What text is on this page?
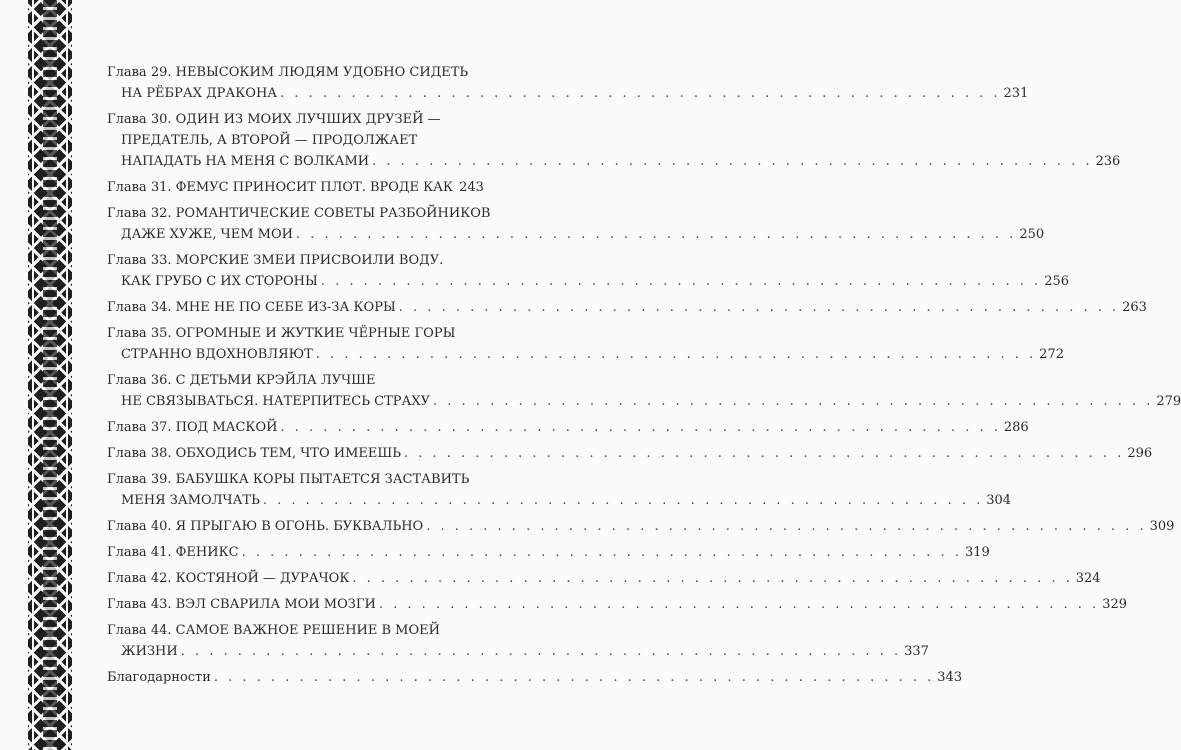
Глава 29. НЕВЫСОКИМ ЛЮДЯМ УДОБНО СИДЕТЬ
НА РЁБРАХ ДРАКОНА . . . . . . . . . . . . . . . . . . . . . . . . . . . . . . . . . . . . . . . . . . . . . . . . . . . 231
Глава 30. ОДИН ИЗ МОИХ ЛУЧШИХ ДРУЗЕЙ —
ПРЕДАТЕЛЬ, А ВТОРОЙ — ПРОДОЛЖАЕТ
НАПАДАТЬ НА МЕНЯ С ВОЛКАМИ . . . . . . . . . . . . . . . . . . . . . . . . . . . . . . . . . . . . . . . . . . . . . . . . . . . 236
Глава 31. ФЕМУС ПРИНОСИТ ПЛОТ. ВРОДЕ КАК 243
Глава 32. РОМАНТИЧЕСКИЕ СОВЕТЫ РАЗБОЙНИКОВ
ДАЖЕ ХУЖЕ, ЧЕМ МОИ . . . . . . . . . . . . . . . . . . . . . . . . . . . . . . . . . . . . . . . . . . . . . . . . . . . 250
Глава 33. МОРСКИЕ ЗМЕИ ПРИСВОИЛИ ВОДУ.
КАК ГРУБО С ИХ СТОРОНЫ . . . . . . . . . . . . . . . . . . . . . . . . . . . . . . . . . . . . . . . . . . . . . . . . . . . 256
Глава 34. МНЕ НЕ ПО СЕБЕ ИЗ-ЗА КОРЫ . . . . . . . . . . . . . . . . . . . . . . . . . . . . . . . . . . . . . . . . . . . . . . . . . . . 263
Глава 35. ОГРОМНЫЕ И ЖУТКИЕ ЧЁРНЫЕ ГОРЫ
СТРАННО ВДОХНОВЛЯЮТ . . . . . . . . . . . . . . . . . . . . . . . . . . . . . . . . . . . . . . . . . . . . . . . . . . . 272
Глава 36. С ДЕТЬМИ КРЭЙЛА ЛУЧШЕ
НЕ СВЯЗЫВАТЬСЯ. НАТЕРПИТЕСЬ СТРАХУ . . . . . . . . . . . . . . . . . . . . . . . . . . . . . . . . . . . . . . . . . . . . . . . . . . . 279
Глава 37. ПОД МАСКОЙ . . . . . . . . . . . . . . . . . . . . . . . . . . . . . . . . . . . . . . . . . . . . . . . . . . . 286
Глава 38. ОБХОДИСЬ ТЕМ, ЧТО ИМЕЕШЬ . . . . . . . . . . . . . . . . . . . . . . . . . . . . . . . . . . . . . . . . . . . . . . . . . . . 296
Глава 39. БАБУШКА КОРЫ ПЫТАЕТСЯ ЗАСТАВИТЬ
МЕНЯ ЗАМОЛЧАТЬ . . . . . . . . . . . . . . . . . . . . . . . . . . . . . . . . . . . . . . . . . . . . . . . . . . . 304
Глава 40. Я ПРЫГАЮ В ОГОНЬ. БУКВАЛЬНО . . . . . . . . . . . . . . . . . . . . . . . . . . . . . . . . . . . . . . . . . . . . . . . . . . . 309
Глава 41. ФЕНИКС . . . . . . . . . . . . . . . . . . . . . . . . . . . . . . . . . . . . . . . . . . . . . . . . . . . 319
Глава 42. КОСТЯНОЙ — ДУРАЧОК . . . . . . . . . . . . . . . . . . . . . . . . . . . . . . . . . . . . . . . . . . . . . . . . . . . 324
Глава 43. ВЭЛ СВАРИЛА МОИ МОЗГИ . . . . . . . . . . . . . . . . . . . . . . . . . . . . . . . . . . . . . . . . . . . . . . . . . . . 329
Глава 44. САМОЕ ВАЖНОЕ РЕШЕНИЕ В МОЕЙ
ЖИЗНИ . . . . . . . . . . . . . . . . . . . . . . . . . . . . . . . . . . . . . . . . . . . . . . . . . . . 337
Благодарности . . . . . . . . . . . . . . . . . . . . . . . . . . . . . . . . . . . . . . . . . . . . . . . . . . . 343
